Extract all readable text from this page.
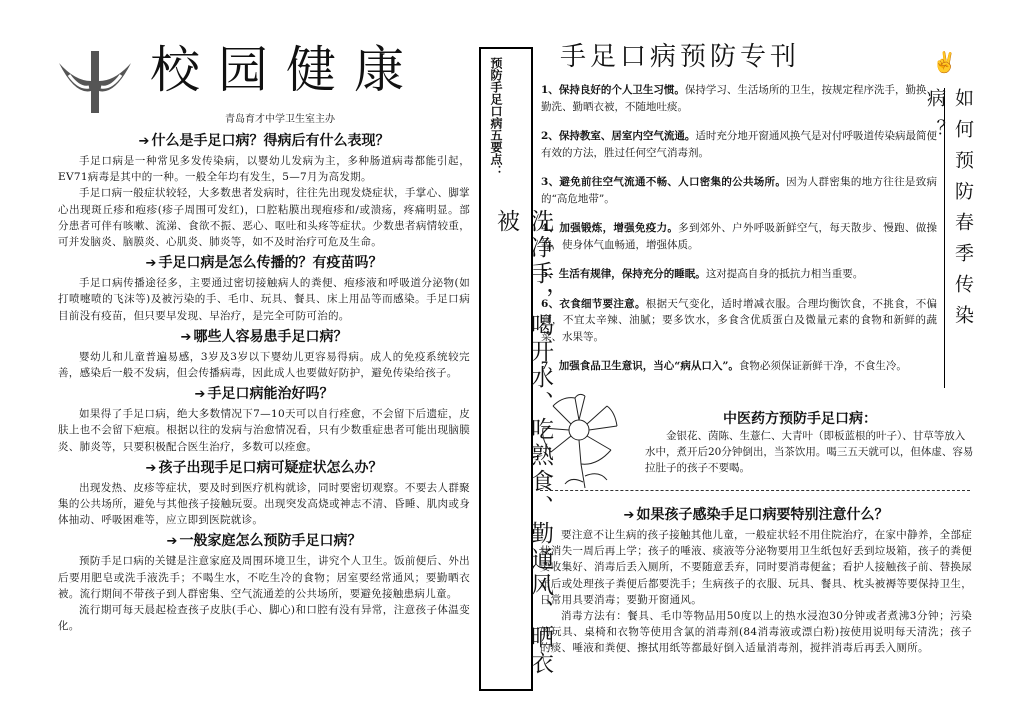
校园健康
青岛育才中学卫生室主办
➔ 什么是手足口病？得病后有什么表现？

手足口病是一种常见多发传染病，以婴幼儿发病为主，多种肠道病毒都能引起，EV71病毒是其中的一种。一般全年均有发生，5—7月为高发期。

手足口病一般症状较轻，大多数患者发病时，往往先出现发烧症状，手掌心、脚掌心出现斑丘疹和疱疹(疹子周围可发红)，口腔粘膜出现疱疹和/或溃疡，疼痛明显。部分患者可伴有咳嗽、流涕、食欲不振、恶心、呕吐和头疼等症状。少数患者病情较重，可并发脑炎、脑膜炎、心肌炎、肺炎等，如不及时治疗可危及生命。

➔ 手足口病是怎么传播的？有疫苗吗？

手足口病传播途径多，主要通过密切接触病人的粪便、疱疹液和呼吸道分泌物(如打喷嚏喷的飞沫等)及被污染的手、毛巾、玩具、餐具、床上用品等而感染。手足口病目前没有疫苗，但只要早发现、早治疗，是完全可防可治的。

➔ 哪些人容易患手足口病？

婴幼儿和儿童普遍易感，3岁及3岁以下婴幼儿更容易得病。成人的免疫系统较完善，感染后一般不发病，但会传播病毒，因此成人也要做好防护，避免传染给孩子。

➔ 手足口病能治好吗？

如果得了手足口病，绝大多数情况下7—10天可以自行痊愈，不会留下后遗症，皮肤上也不会留下疤痕。根据以往的发病与治愈情况看，只有少数重症患者可能出现脑膜炎、肺炎等，只要积极配合医生治疗，多数可以痊愈。

➔ 孩子出现手足口病可疑症状怎么办？

出现发热、皮疹等症状，要及时到医疗机构就诊，同时要密切观察。不要去人群聚集的公共场所，避免与其他孩子接触玩耍。出现突发高烧或神志不清、昏睡、肌肉或身体抽动、呼吸困难等，应立即到医院就诊。

➔ 一般家庭怎么预防手足口病？

预防手足口病的关键是注意家庭及周围环境卫生，讲究个人卫生。饭前便后、外出后要用肥皂或洗手液洗手；不喝生水，不吃生冷的食物；居室要经常通风；要勤晒衣被。流行期间不带孩子到人群密集、空气流通差的公共场所，要避免接触患病儿童。

流行期可每天晨起检查孩子皮肤(手心、脚心)和口腔有没有异常，注意孩子体温变化。

预防手足口病五要点：
洗净手，喝开水、吃熟食、勤通风、晒衣被
手足口病预防专刊	✌

1、保持良好的个人卫生习惯。保持学习、生活场所的卫生，按规定程序洗手，勤换、勤洗、勤晒衣被，不随地吐痰。

2、保持教室、居室内空气流通。适时充分地开窗通风换气是对付呼吸道传染病最简便有效的方法，胜过任何空气消毒剂。

3、避免前往空气流通不畅、人口密集的公共场所。因为人群密集的地方往往是致病的“高危地带”。

4、加强锻炼，增强免疫力。多到郊外、户外呼吸新鲜空气，每天散步、慢跑、做操等，使身体气血畅通，增强体质。

5、生活有规律，保持充分的睡眠。这对提高自身的抵抗力相当重要。

6、衣食细节要注意。根据天气变化，适时增减衣服。合理均衡饮食，不挑食，不偏食，不宜太辛辣、油腻；要多饮水，多食含优质蛋白及微量元素的食物和新鲜的蔬菜、水果等。

7、加强食品卫生意识，当心“病从口入”。食物必须保证新鲜干净，不食生冷。

如何预防春季传染病？
中医药方预防手足口病：
金银花、茵陈、生薏仁、大青叶（即板蓝根的叶子）、甘草等放入水中，煮开后20分钟倒出，当茶饮用。喝三五天就可以，但体虚、容易拉肚子的孩子不要喝。
➔ 如果孩子感染手足口病要特别注意什么？

要注意不让生病的孩子接触其他儿童，一般症状轻不用住院治疗，在家中静养，全部症状消失一周后再上学；孩子的唾液、痰液等分泌物要用卫生纸包好丢到垃圾箱，孩子的粪便要收集好、消毒后丢入厕所，不要随意丢弃，同时要消毒便盆；看护人接触孩子前、替换尿布后或处理孩子粪便后都要洗手；生病孩子的衣服、玩具、餐具、枕头被褥等要保持卫生，日常用具要消毒；要勤开窗通风。

消毒方法有：餐具、毛巾等物品用50度以上的热水浸泡30分钟或者煮沸3分钟；污染的玩具、桌椅和衣物等使用含氯的消毒剂(84消毒液或漂白粉)按使用说明每天清洗；孩子的痰、唾液和粪便、擦拭用纸等都最好倒入适量消毒剂，搅拌消毒后再丢入厕所。
